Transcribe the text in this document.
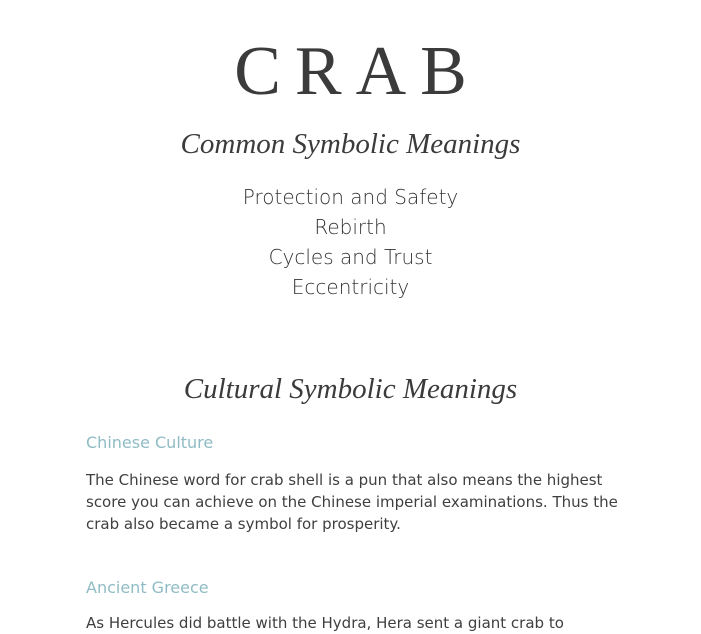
CRAB
Common Symbolic Meanings
Protection and Safety
Rebirth
Cycles and Trust
Eccentricity
Cultural Symbolic Meanings
Chinese Culture

The Chinese word for crab shell is a pun that also means the highest score you can achieve on the Chinese imperial examinations. Thus the crab also became a symbol for prosperity.

Ancient Greece

As Hercules did battle with the Hydra, Hera sent a giant crab to
